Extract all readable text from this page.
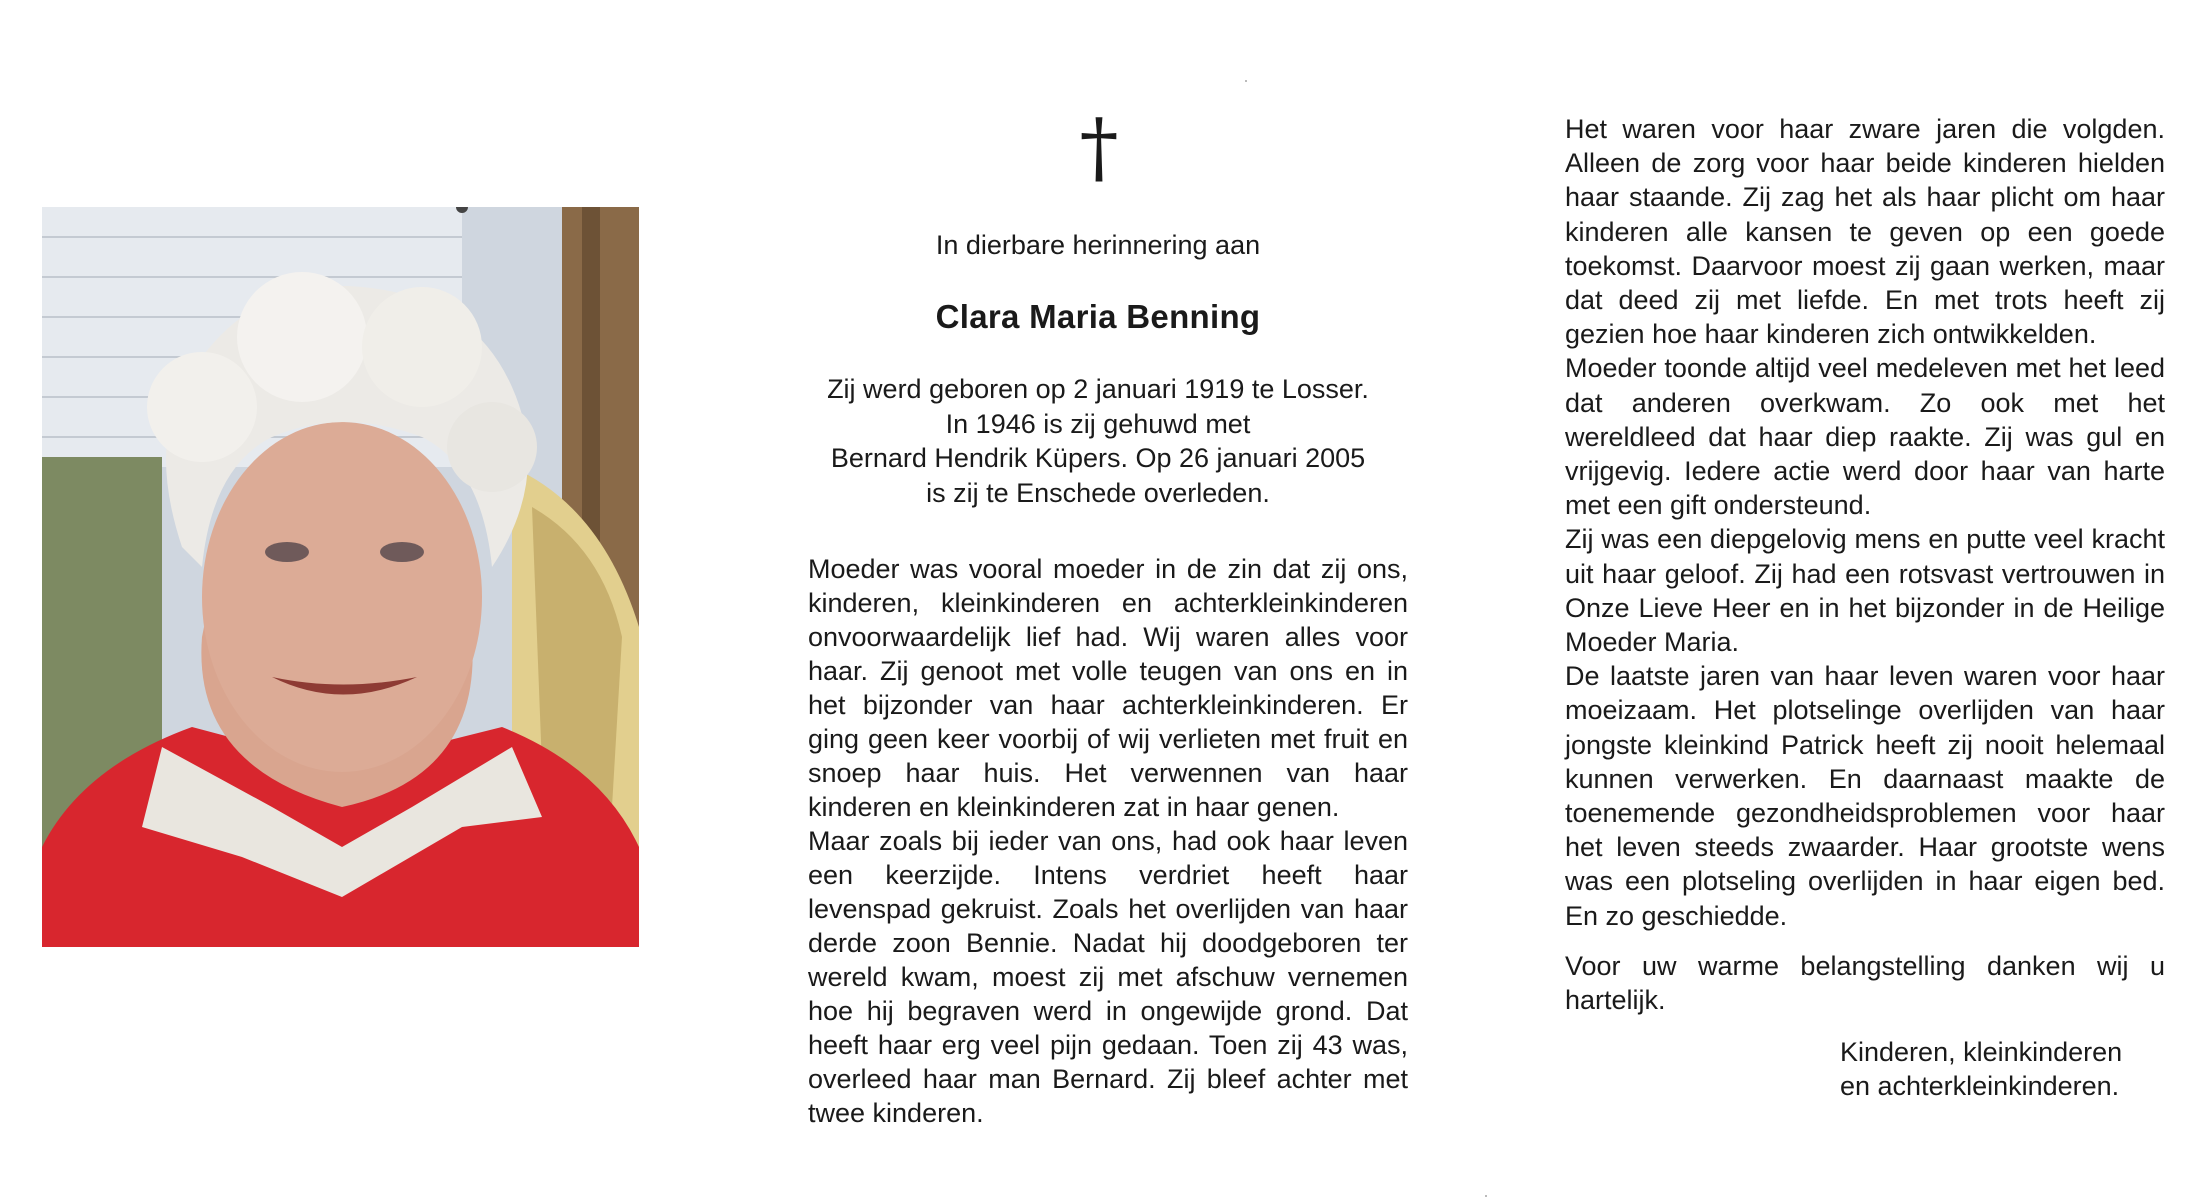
†
In dierbare herinnering aan
Clara Maria Benning
Zij werd geboren op 2 januari 1919 te Losser.
In 1946 is zij gehuwd met
Bernard Hendrik Küpers. Op 26 januari 2005
is zij te Enschede overleden.

Moeder was vooral moeder in de zin dat zij ons, kinderen, kleinkinderen en achterkleinkinderen onvoorwaardelijk lief had. Wij waren alles voor haar. Zij genoot met volle teugen van ons en in het bijzonder van haar achterkleinkinderen. Er ging geen keer voorbij of wij verlieten met fruit en snoep haar huis. Het verwennen van haar kinderen en kleinkinderen zat in haar genen.

Maar zoals bij ieder van ons, had ook haar leven een keerzijde. Intens verdriet heeft haar levenspad gekruist. Zoals het overlijden van haar derde zoon Bennie. Nadat hij doodgeboren ter wereld kwam, moest zij met afschuw vernemen hoe hij begraven werd in ongewijde grond. Dat heeft haar erg veel pijn gedaan. Toen zij 43 was, overleed haar man Bernard. Zij bleef achter met twee kinderen.

Het waren voor haar zware jaren die volgden. Alleen de zorg voor haar beide kinderen hielden haar staande. Zij zag het als haar plicht om haar kinderen alle kansen te geven op een goede toekomst. Daarvoor moest zij gaan werken, maar dat deed zij met liefde. En met trots heeft zij gezien hoe haar kinderen zich ontwikkelden.

Moeder toonde altijd veel medeleven met het leed dat anderen overkwam. Zo ook met het wereldleed dat haar diep raakte. Zij was gul en vrijgevig. Iedere actie werd door haar van harte met een gift ondersteund.

Zij was een diepgelovig mens en putte veel kracht uit haar geloof. Zij had een rotsvast vertrouwen in Onze Lieve Heer en in het bijzonder in de Heilige Moeder Maria.

De laatste jaren van haar leven waren voor haar moeizaam. Het plotselinge overlijden van haar jongste kleinkind Patrick heeft zij nooit helemaal kunnen verwerken. En daarnaast maakte de toenemende gezondheidsproblemen voor haar het leven steeds zwaarder. Haar grootste wens was een plotseling overlijden in haar eigen bed. En zo geschiedde.

Voor uw warme belangstelling danken wij u hartelijk.

Kinderen, kleinkinderen
en achterkleinkinderen.
